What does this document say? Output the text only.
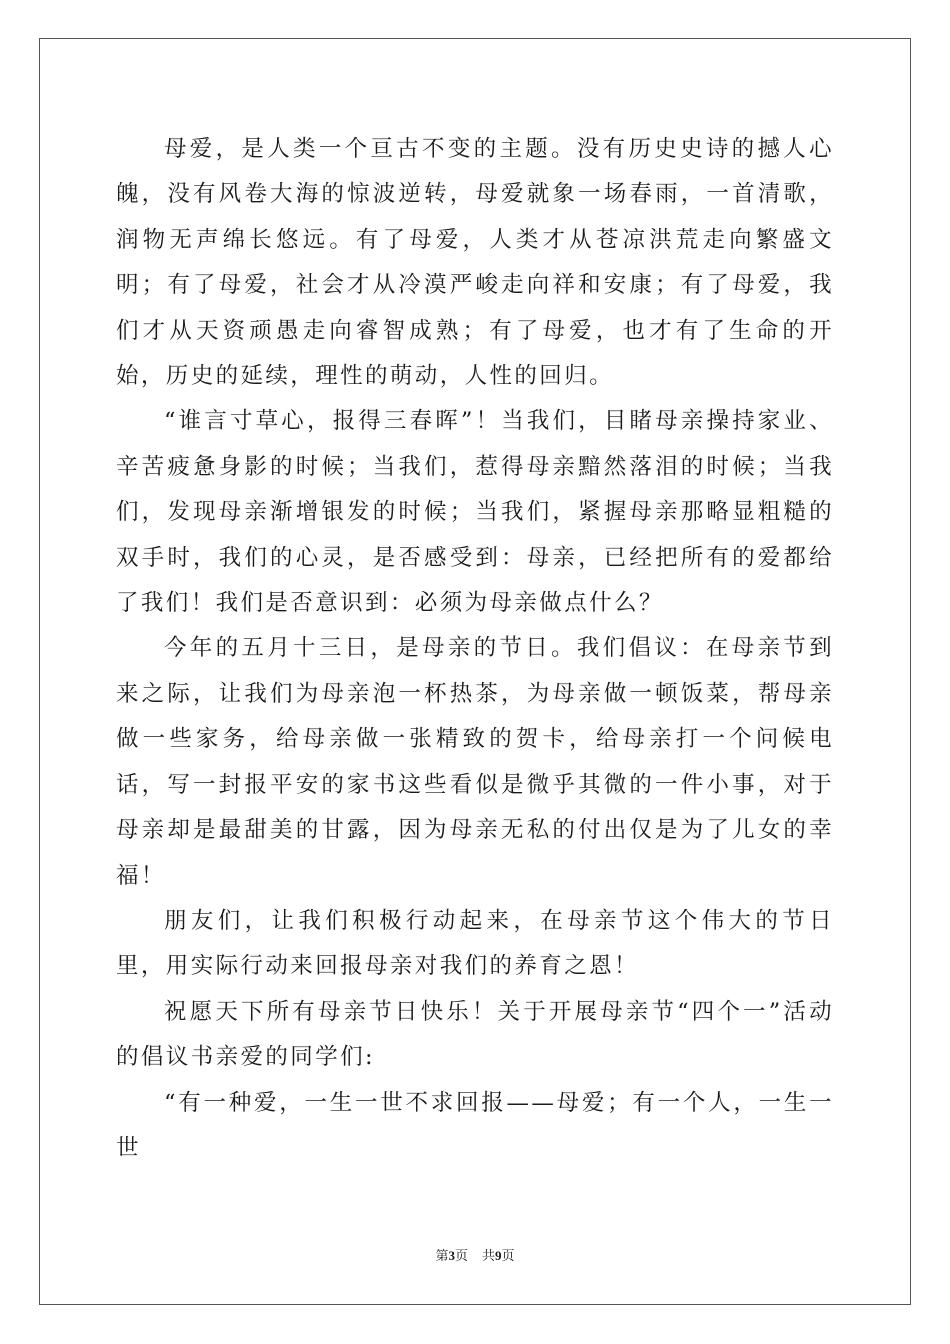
母爱，是人类一个亘古不变的主题。没有历史史诗的撼人心魄，没有风卷大海的惊波逆转，母爱就象一场春雨，一首清歌，润物无声绵长悠远。有了母爱，人类才从苍凉洪荒走向繁盛文明；有了母爱，社会才从冷漠严峻走向祥和安康；有了母爱，我们才从天资顽愚走向睿智成熟；有了母爱，也才有了生命的开始，历史的延续，理性的萌动，人性的回归。

“谁言寸草心，报得三春晖”！当我们，目睹母亲操持家业、辛苦疲惫身影的时候；当我们，惹得母亲黯然落泪的时候；当我们，发现母亲渐增银发的时候；当我们，紧握母亲那略显粗糙的双手时，我们的心灵，是否感受到：母亲，已经把所有的爱都给了我们！我们是否意识到：必须为母亲做点什么？

今年的五月十三日，是母亲的节日。我们倡议：在母亲节到来之际，让我们为母亲泡一杯热茶，为母亲做一顿饭菜，帮母亲做一些家务，给母亲做一张精致的贺卡，给母亲打一个问候电话，写一封报平安的家书这些看似是微乎其微的一件小事，对于母亲却是最甜美的甘露，因为母亲无私的付出仅是为了儿女的幸福！

朋友们，让我们积极行动起来，在母亲节这个伟大的节日里，用实际行动来回报母亲对我们的养育之恩！

祝愿天下所有母亲节日快乐！关于开展母亲节“四个一”活动的倡议书亲爱的同学们:

“有一种爱，一生一世不求回报——母爱；有一个人，一生一世

第3页 共9页
